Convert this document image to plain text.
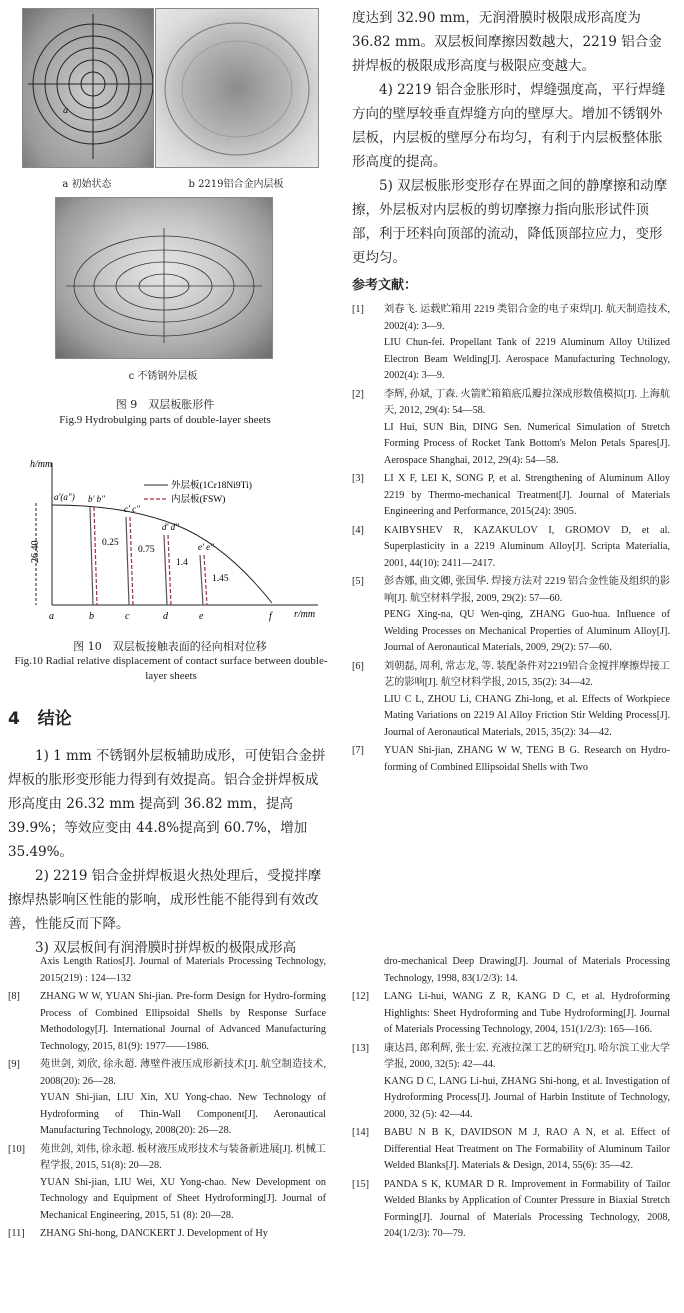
a
a 初始状态	b 2219铝合金内层板
c 不锈钢外层板
图 9　双层板胀形件
Fig.9 Hydrobulging parts of double-layer sheets
h/mm
r/mm
26.40
a	b	c	d	e	f
a'(a") b' b"
c' c"
d' d"
e' e"
0.25
0.75
1.4
1.45
外层板(1Cr18Ni9Ti)
内层板(FSW)
图 10　双层板接触表面的径向相对位移
Fig.10 Radial relative displacement of contact surface between double-layer sheets
4 结论

1) 1 mm 不锈钢外层板辅助成形，可使铝合金拼焊板的胀形变形能力得到有效提高。铝合金拼焊板成形高度由 26.32 mm 提高到 36.82 mm，提高 39.9%；等效应变由 44.8%提高到 60.7%，增加 35.49%。

2) 2219 铝合金拼焊板退火热处理后，受搅拌摩擦焊热影响区性能的影响，成形性能不能得到有效改善，性能反而下降。

3) 双层板间有润滑膜时拼焊板的极限成形高

度达到 32.90 mm，无润滑膜时极限成形高度为 36.82 mm。双层板间摩擦因数越大，2219 铝合金拼焊板的极限成形高度与极限应变越大。

4) 2219 铝合金胀形时，焊缝强度高，平行焊缝方向的壁厚较垂直焊缝方向的壁厚大。增加不锈钢外层板，内层板的壁厚分布均匀，有利于内层板整体胀形高度的提高。

5) 双层板胀形变形存在界面之间的静摩擦和动摩擦，外层板对内层板的剪切摩擦力指向胀形试件顶部，利于坯料向顶部的流动，降低顶部拉应力，变形更均匀。

参考文献：
[1]	刘春飞. 运载贮箱用 2219 类铝合金的电子束焊[J]. 航天制造技术, 2002(4): 3—9.

LIU Chun-fei. Propellant Tank of 2219 Aluminum Alloy Utilized Electron Beam Welding[J]. Aerospace Manufacturing Technology, 2002(4): 3—9.

[2]	李辉, 孙斌, 丁森. 火箭贮箱箱底瓜瓣拉深成形数值模拟[J]. 上海航天, 2012, 29(4): 54—58.

LI Hui, SUN Bin, DING Sen. Numerical Simulation of Stretch Forming Process of Rocket Tank Bottom's Melon Petals Spares[J]. Aerospace Shanghai, 2012, 29(4): 54—58.

[3]	LI X F, LEI K, SONG P, et al. Strengthening of Aluminum Alloy 2219 by Thermo-mechanical Treatment[J]. Journal of Materials Engineering and Performance, 2015(24): 3905.

[4]	KAIBYSHEV R, KAZAKULOV I, GROMOV D, et al. Superplasticity in a 2219 Aluminum Alloy[J]. Scripta Materialia, 2001, 44(10): 2411—2417.

[5]	彭杏娜, 曲文卿, 张国华. 焊接方法对 2219 铝合金性能及组织的影响[J]. 航空材料学报, 2009, 29(2): 57—60.

PENG Xing-na, QU Wen-qing, ZHANG Guo-hua. Influence of Welding Processes on Mechanical Properties of Aluminum Alloy[J]. Journal of Aeronautical Materials, 2009, 29(2): 57—60.

[6]	刘朝磊, 周利, 常志龙, 等. 装配条件对2219铝合金搅拌摩擦焊接工艺的影响[J]. 航空材料学报, 2015, 35(2): 34—42.

LIU C L, ZHOU Li, CHANG Zhi-long, et al. Effects of Workpiece Mating Variations on 2219 Al Alloy Friction Stir Welding Process[J]. Journal of Aeronautical Materials, 2015, 35(2): 34—42.

[7]	YUAN Shi-jian, ZHANG W W, TENG B G. Research on Hydro-forming of Combined Ellipsoidal Shells with Two

Axis Length Ratios[J]. Journal of Materials Processing Technology, 2015(219) : 124—132
[8]	ZHANG W W, YUAN Shi-jian. Pre-form Design for Hydro-forming Process of Combined Ellipsoidal Shells by Response Surface Methodology[J]. International Journal of Advanced Manufacturing Technology, 2015, 81(9): 1977——1986.

[9]	苑世剑, 刘欣, 徐永超. 薄壁件液压成形新技术[J]. 航空制造技术, 2008(20): 26—28.

YUAN Shi-jian, LIU Xin, XU Yong-chao. New Technology of Hydroforming of Thin-Wall Component[J]. Aeronautical Manufacturing Technology, 2008(20): 26—28.

[10]	苑世剑, 刘伟, 徐永超. 板材液压成形技术与装备新进展[J]. 机械工程学报, 2015, 51(8): 20—28.

YUAN Shi-jian, LIU Wei, XU Yong-chao. New Development on Technology and Equipment of Sheet Hydroforming[J]. Journal of Mechanical Engineering, 2015, 51 (8): 20—28.

[11]	ZHANG Shi-hong, DANCKERT J. Development of Hy

dro-mechanical Deep Drawing[J]. Journal of Materials Processing Technology, 1998, 83(1/2/3): 14.
[12]	LANG Li-hui, WANG Z R, KANG D C, et al. Hydroforming Highlights: Sheet Hydroforming and Tube Hydroforming[J]. Journal of Materials Processing Technology, 2004, 151(1/2/3): 165—166.

[13]	康达昌, 郎利辉, 张士宏. 充液拉深工艺的研究[J]. 哈尔滨工业大学学报, 2000, 32(5): 42—44.

KANG D C, LANG Li-hui, ZHANG Shi-hong, et al. Investigation of Hydroforming Process[J]. Journal of Harbin Institute of Technology, 2000, 32 (5): 42—44.

[14]	BABU N B K, DAVIDSON M J, RAO A N, et al. Effect of Differential Heat Treatment on The Formability of Aluminum Tailor Welded Blanks[J]. Materials & Design, 2014, 55(6): 35—42.

[15]	PANDA S K, KUMAR D R. Improvement in Formability of Tailor Welded Blanks by Application of Counter Pressure in Biaxial Stretch Forming[J]. Journal of Materials Processing Technology, 2008, 204(1/2/3): 70—79.
